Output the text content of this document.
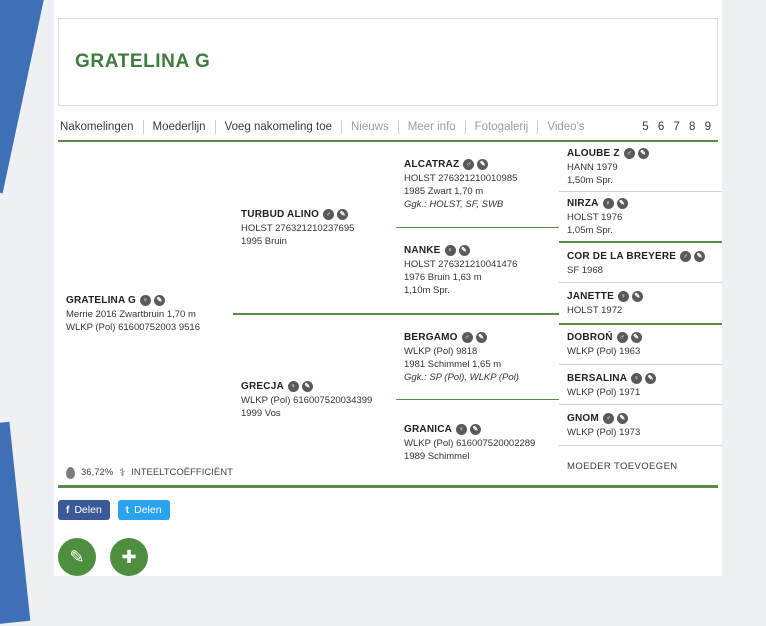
GRATELINA G
Nakomelingen	Moederlijn	Voeg nakomeling toe	Nieuws	Meer info	Fotogalerij	Video's	5 6 7 8 9
GRATELINA G ♀	✎
Merrie 2016 Zwartbruin 1,70 m
WLKP (Pol) 61600752003 9516
TURBUD ALINO ♂	✎
HOLST 276321210237695
1995 Bruin
GRECJA ♀	✎
WLKP (Pol) 616007520034399
1999 Vos
ALCATRAZ ♂	✎
HOLST 276321210010985
1985 Zwart 1,70 m
Ggk.: HOLST, SF, SWB
NANKE ♀	✎
HOLST 276321210041476
1976 Bruin 1,63 m
1,10m Spr.
BERGAMO ♂	✎
WLKP (Pol) 9818
1981 Schimmel 1,65 m
Ggk.: SP (Pol), WLKP (Pol)
GRANICA ♀	✎
WLKP (Pol) 616007520002289
1989 Schimmel
ALOUBE Z ♂	✎
HANN 1979
1,50m Spr.
NIRZA ♀	✎
HOLST 1976
1,05m Spr.
COR DE LA BREYERE ♂	✎
SF 1968
JANETTE ♀	✎
HOLST 1972
DOBROŃ ♂	✎
WLKP (Pol) 1963
BERSALINA ♀	✎
WLKP (Pol) 1971
GNOM ♂	✎
WLKP (Pol) 1973
MOEDER TOEVOEGEN
36,72% ⚕ INTEELTCOËFFICIËNT
f Delen t Delen
✎ ✚
